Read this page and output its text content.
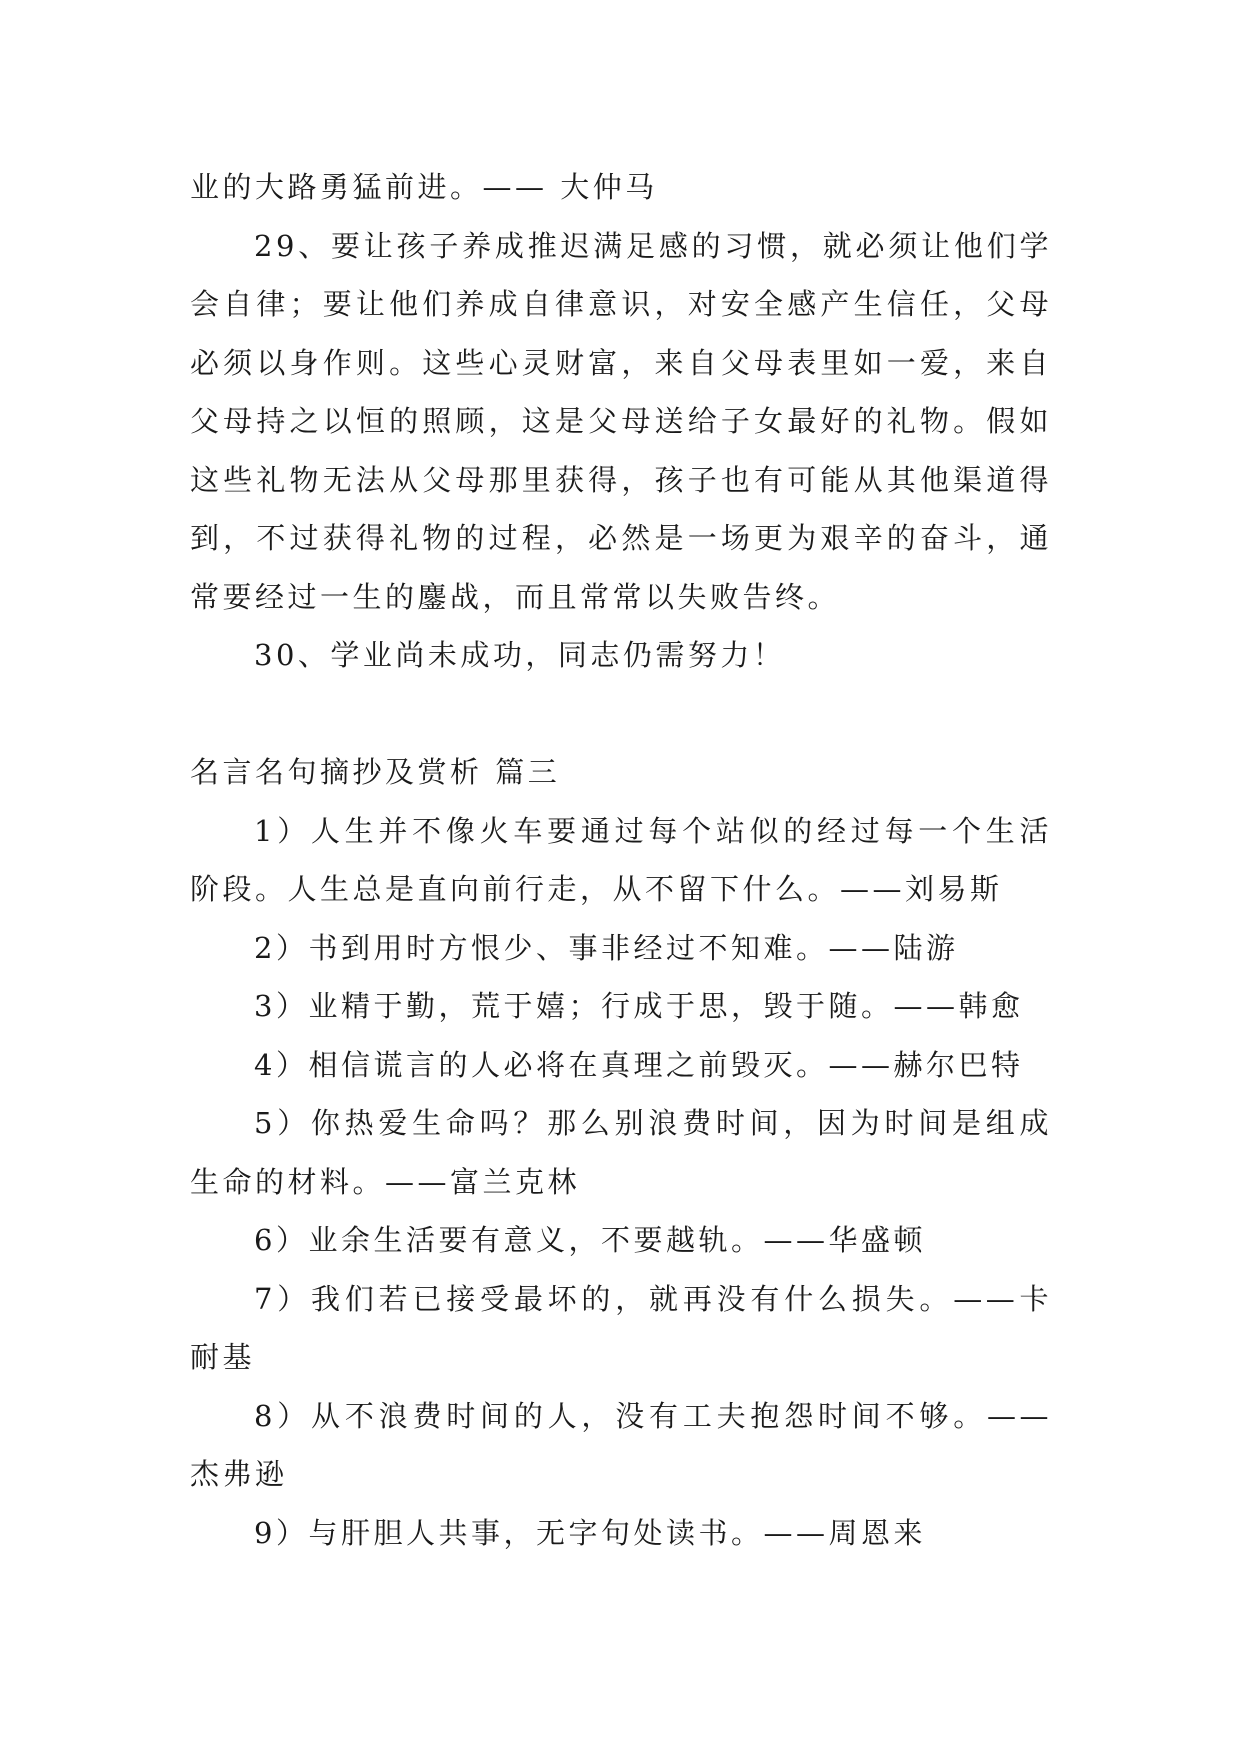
业的大路勇猛前进。—— 大仲马

29、要让孩子养成推迟满足感的习惯，就必须让他们学会自律；要让他们养成自律意识，对安全感产生信任，父母必须以身作则。这些心灵财富，来自父母表里如一爱，来自父母持之以恒的照顾，这是父母送给子女最好的礼物。假如这些礼物无法从父母那里获得，孩子也有可能从其他渠道得到，不过获得礼物的过程，必然是一场更为艰辛的奋斗，通常要经过一生的鏖战，而且常常以失败告终。

30、学业尚未成功，同志仍需努力！

名言名句摘抄及赏析 篇三

1）人生并不像火车要通过每个站似的经过每一个生活阶段。人生总是直向前行走，从不留下什么。——刘易斯

2）书到用时方恨少、事非经过不知难。——陆游

3）业精于勤，荒于嬉；行成于思，毁于随。——韩愈

4）相信谎言的人必将在真理之前毁灭。——赫尔巴特

5）你热爱生命吗？那么别浪费时间，因为时间是组成生命的材料。——富兰克林

6）业余生活要有意义，不要越轨。——华盛顿

7）我们若已接受最坏的，就再没有什么损失。——卡耐基

8）从不浪费时间的人，没有工夫抱怨时间不够。——杰弗逊

9）与肝胆人共事，无字句处读书。——周恩来
